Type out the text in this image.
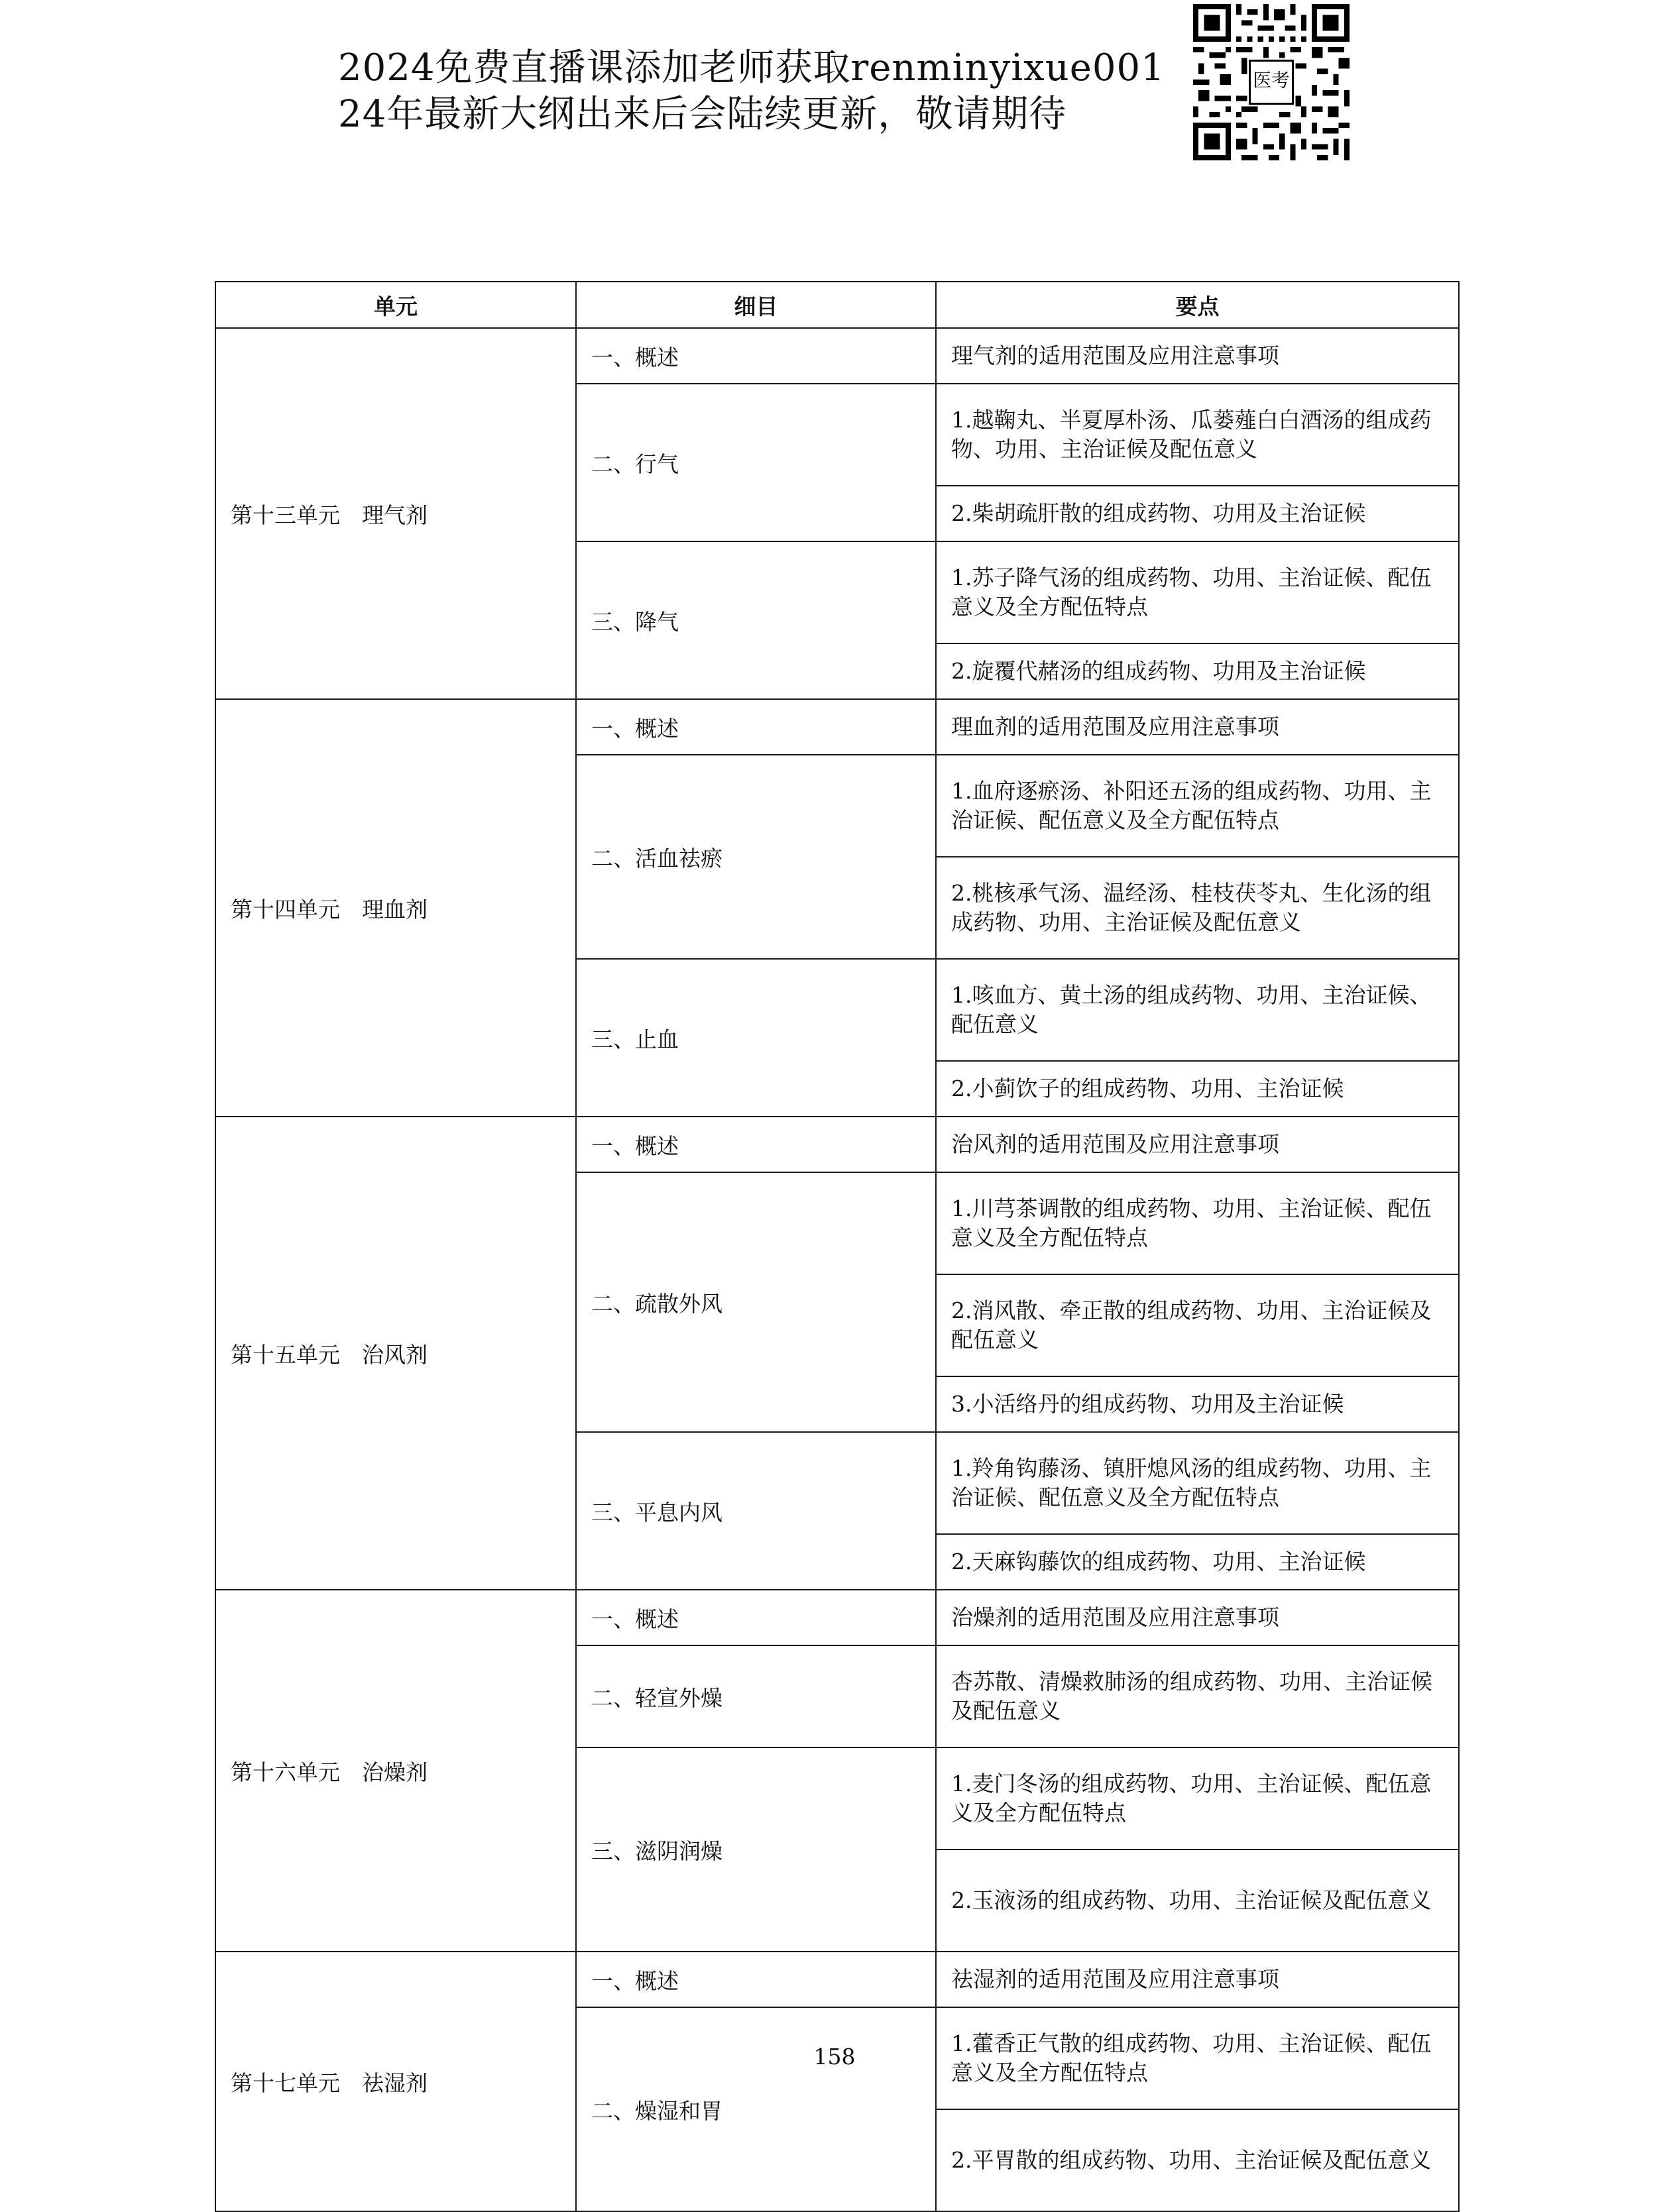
2024免费直播课添加老师获取renminyixue001
24年最新大纲出来后会陆续更新，敬请期待
医考
单元	细目	要点
第十三单元　理气剂	一、概述	理气剂的适用范围及应用注意事项
	二、行气	1.越鞠丸、半夏厚朴汤、瓜蒌薤白白酒汤的组成药物、功用、主治证候及配伍意义
		2.柴胡疏肝散的组成药物、功用及主治证候
	三、降气	1.苏子降气汤的组成药物、功用、主治证候、配伍意义及全方配伍特点
		2.旋覆代赭汤的组成药物、功用及主治证候
第十四单元　理血剂	一、概述	理血剂的适用范围及应用注意事项
	二、活血祛瘀	1.血府逐瘀汤、补阳还五汤的组成药物、功用、主治证候、配伍意义及全方配伍特点
		2.桃核承气汤、温经汤、桂枝茯苓丸、生化汤的组成药物、功用、主治证候及配伍意义
	三、止血	1.咳血方、黄土汤的组成药物、功用、主治证候、配伍意义
		2.小蓟饮子的组成药物、功用、主治证候
第十五单元　治风剂	一、概述	治风剂的适用范围及应用注意事项
	二、疏散外风	1.川芎茶调散的组成药物、功用、主治证候、配伍意义及全方配伍特点
		2.消风散、牵正散的组成药物、功用、主治证候及配伍意义
		3.小活络丹的组成药物、功用及主治证候
	三、平息内风	1.羚角钩藤汤、镇肝熄风汤的组成药物、功用、主治证候、配伍意义及全方配伍特点
		2.天麻钩藤饮的组成药物、功用、主治证候
第十六单元　治燥剂	一、概述	治燥剂的适用范围及应用注意事项
	二、轻宣外燥	杏苏散、清燥救肺汤的组成药物、功用、主治证候及配伍意义
	三、滋阴润燥	1.麦门冬汤的组成药物、功用、主治证候、配伍意义及全方配伍特点
		2.玉液汤的组成药物、功用、主治证候及配伍意义
第十七单元　祛湿剂	一、概述	祛湿剂的适用范围及应用注意事项
	二、燥湿和胃	1.藿香正气散的组成药物、功用、主治证候、配伍意义及全方配伍特点
		2.平胃散的组成药物、功用、主治证候及配伍意义
158
